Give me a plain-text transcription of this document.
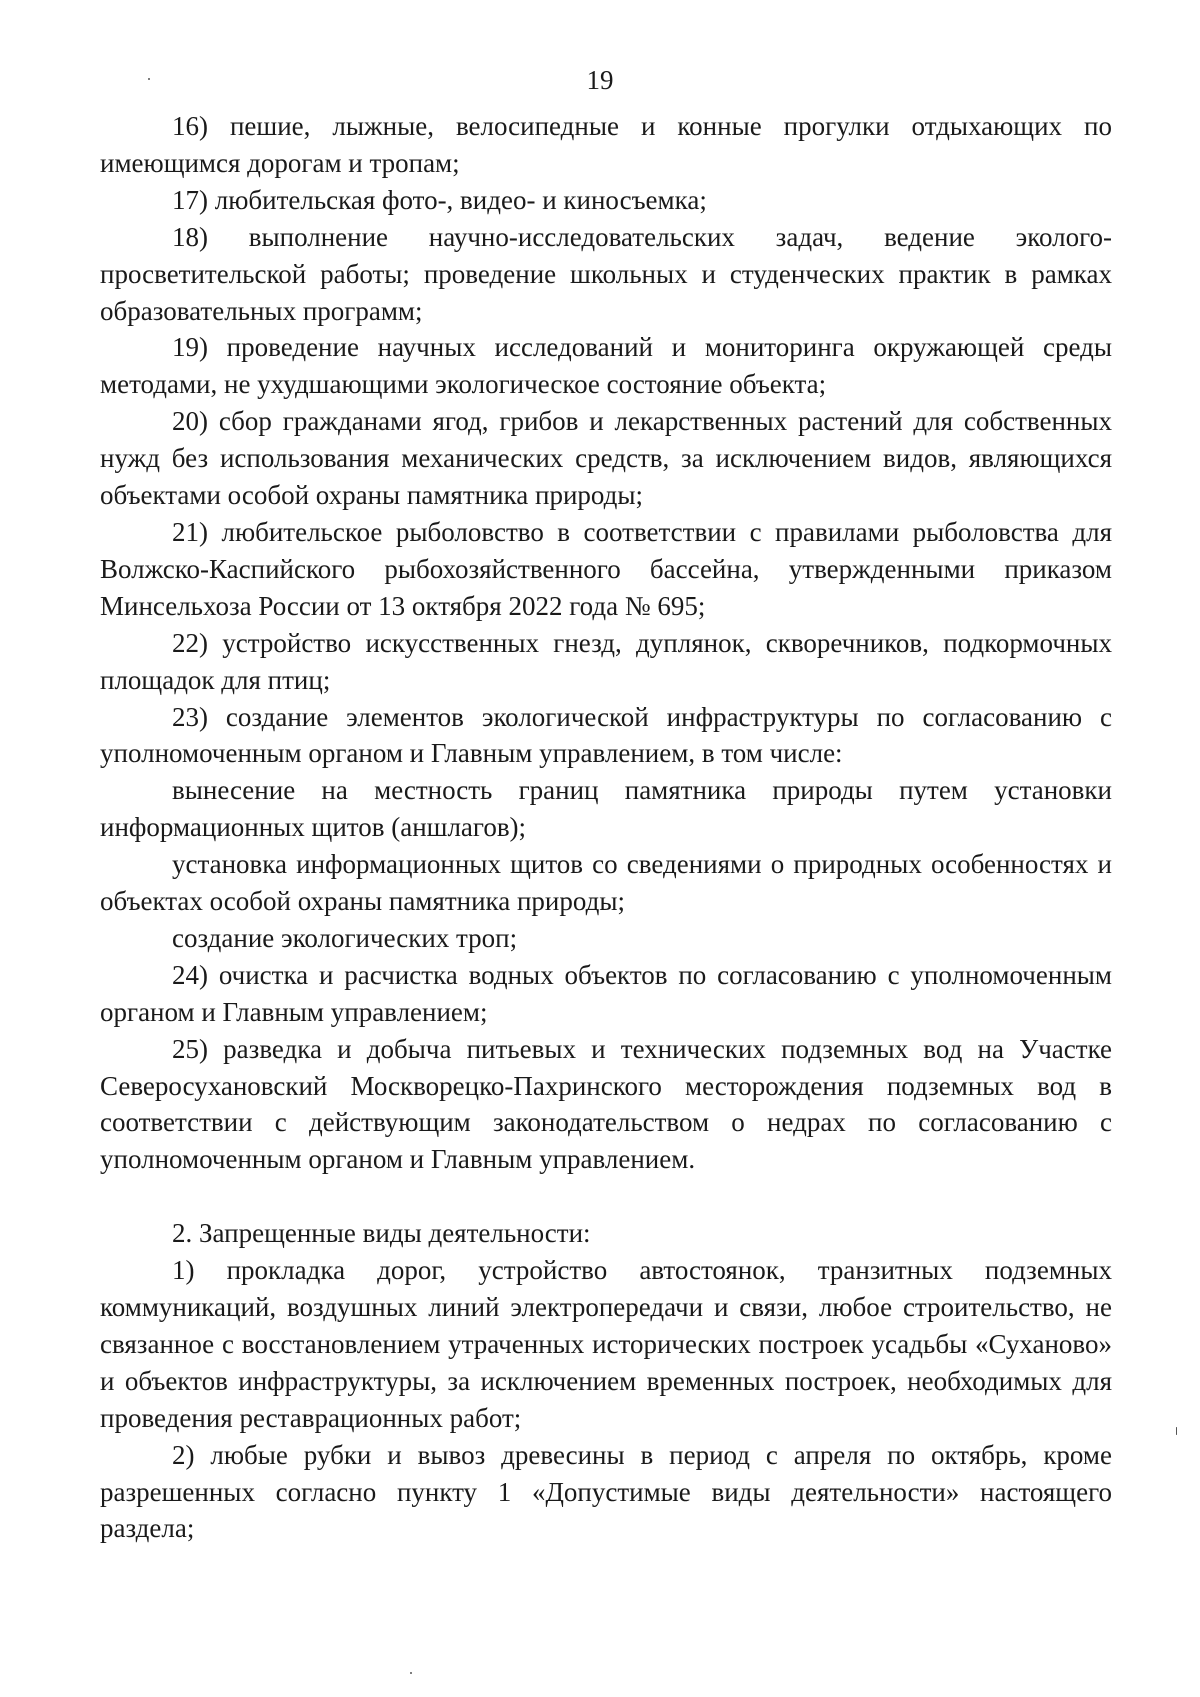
19

16) пешие, лыжные, велосипедные и конные прогулки отдыхающих по имеющимся дорогам и тропам;

17) любительская фото-, видео- и киносъемка;

18) выполнение научно-исследовательских задач, ведение эколого-просветительской работы; проведение школьных и студенческих практик в рамках образовательных программ;

19) проведение научных исследований и мониторинга окружающей среды методами, не ухудшающими экологическое состояние объекта;

20) сбор гражданами ягод, грибов и лекарственных растений для собственных нужд без использования механических средств, за исключением видов, являющихся объектами особой охраны памятника природы;

21) любительское рыболовство в соответствии с правилами рыболовства для Волжско-Каспийского рыбохозяйственного бассейна, утвержденными приказом Минсельхоза России от 13 октября 2022 года № 695;

22) устройство искусственных гнезд, дуплянок, скворечников, подкормочных площадок для птиц;

23) создание элементов экологической инфраструктуры по согласованию с уполномоченным органом и Главным управлением, в том числе:

вынесение на местность границ памятника природы путем установки информационных щитов (аншлагов);

установка информационных щитов со сведениями о природных особенностях и объектах особой охраны памятника природы;

создание экологических троп;

24) очистка и расчистка водных объектов по согласованию с уполномоченным органом и Главным управлением;

25) разведка и добыча питьевых и технических подземных вод на Участке Северосухановский Москворецко-Пахринского месторождения подземных вод в соответствии с действующим законодательством о недрах по согласованию с уполномоченным органом и Главным управлением.

2. Запрещенные виды деятельности:

1) прокладка дорог, устройство автостоянок, транзитных подземных коммуникаций, воздушных линий электропередачи и связи, любое строительство, не связанное с восстановлением утраченных исторических построек усадьбы «Суханово» и объектов инфраструктуры, за исключением временных построек, необходимых для проведения реставрационных работ;

2) любые рубки и вывоз древесины в период с апреля по октябрь, кроме разрешенных согласно пункту 1 «Допустимые виды деятельности» настоящего раздела;
